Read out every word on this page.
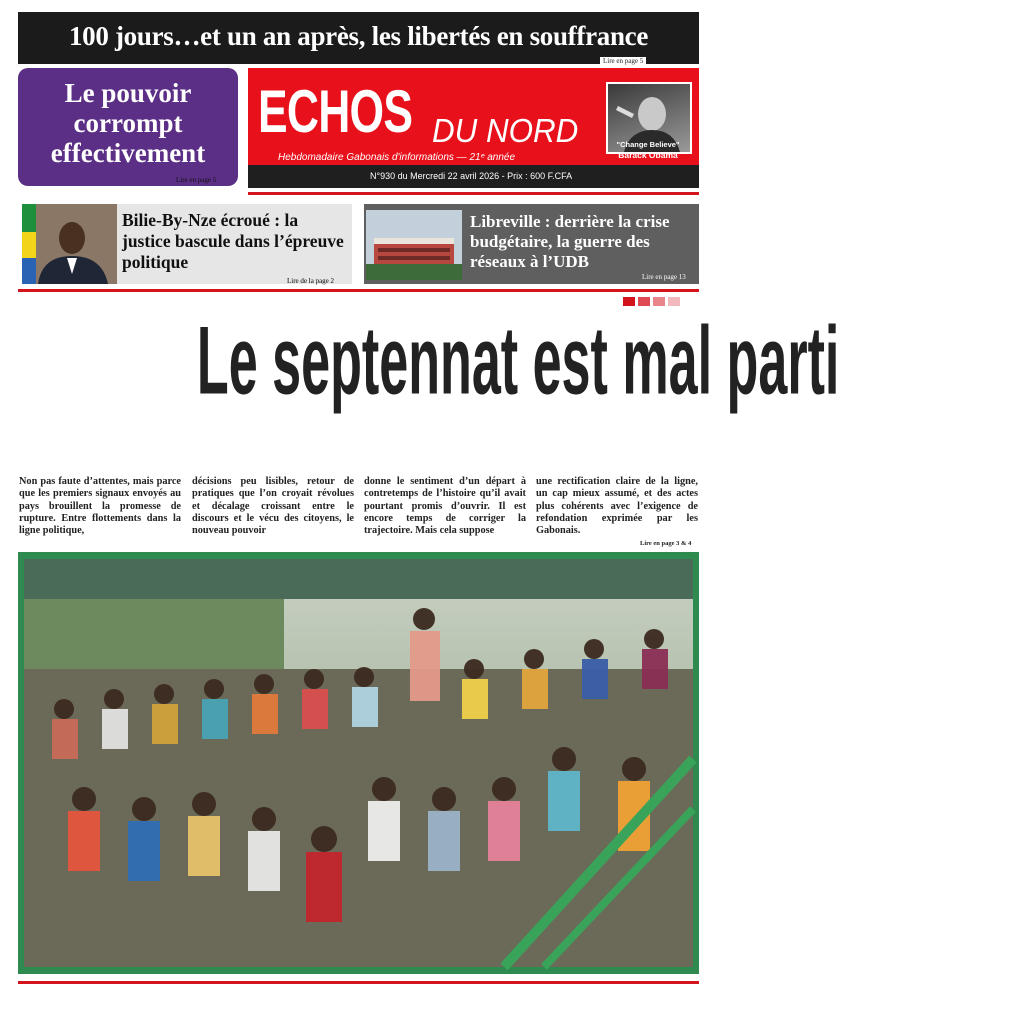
100 jours…et un an après, les libertés en souffrance
Lire en page 5
Le pouvoir corrompt effectivement
Lire en page 5
ECHOS DU NORD
Hebdomadaire Gabonais d'informations — 21ᵉ année
N°930 du Mercredi 22 avril 2026 - Prix : 600 F.CFA
"Change Believe"
Barack Obama
Bilie-By-Nze écroué : la justice bascule dans l’épreuve politique
Lire de la page 2
Libreville : derrière la crise budgétaire, la guerre des réseaux à l’UDB
Lire en page 13
Le septennat est mal parti
Non pas faute d’attentes, mais parce que les premiers signaux envoyés au pays brouillent la promesse de rupture. Entre flottements dans la ligne politique,
décisions peu lisibles, retour de pratiques que l’on croyait révolues et décalage croissant entre le discours et le vécu des citoyens, le nouveau pouvoir
donne le sentiment d’un départ à contretemps de l’histoire qu’il avait pourtant promis d’ouvrir. Il est encore temps de corriger la trajectoire. Mais cela suppose
une rectification claire de la ligne, un cap mieux assumé, et des actes plus cohérents avec l’exigence de refondation exprimée par les Gabonais.
Lire en page 3 & 4
